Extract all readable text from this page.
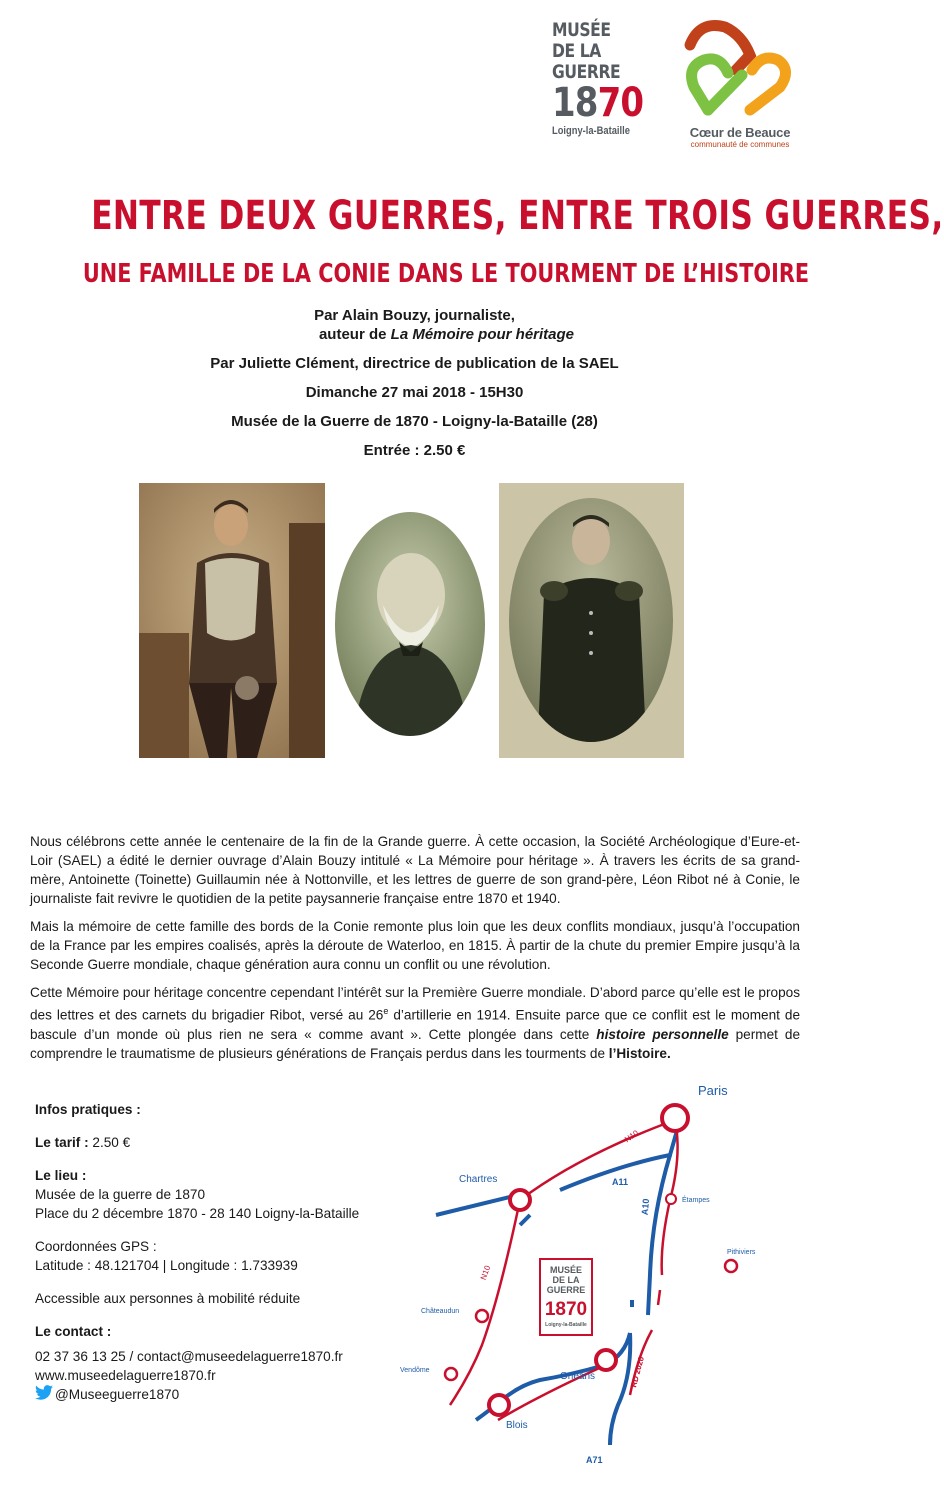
MUSÉE
DE LA
GUERRE
1870
Loigny-la-Bataille	Cœur de Beauce
communauté de communes
ENTRE DEUX GUERRES, ENTRE TROIS GUERRES,
UNE FAMILLE DE LA CONIE DANS LE TOURMENT DE L’HISTOIRE
Par Alain Bouzy, journaliste,
auteur de La Mémoire pour héritage
Par Juliette Clément, directrice de publication de la SAEL
Dimanche 27 mai 2018 - 15H30
Musée de la Guerre de 1870 - Loigny-la-Bataille (28)
Entrée : 2.50 €

Nous célébrons cette année le centenaire de la fin de la Grande guerre. À cette occasion, la Société Archéologique d’Eure-et-Loir (SAEL) a édité le dernier ouvrage d’Alain Bouzy intitulé « La Mémoire pour héritage ». À travers les écrits de sa grand-mère, Antoinette (Toinette) Guillaumin née à Nottonville, et les lettres de guerre de son grand-père, Léon Ribot né à Conie, le journaliste fait revivre le quotidien de la petite paysannerie française entre 1870 et 1940.

Mais la mémoire de cette famille des bords de la Conie remonte plus loin que les deux conflits mondiaux, jusqu’à l’occupation de la France par les empires coalisés, après la déroute de Waterloo, en 1815. À partir de la chute du premier Empire jusqu’à la Seconde Guerre mondiale, chaque génération aura connu un conflit ou une révolution.

Cette Mémoire pour héritage concentre cependant l’intérêt sur la Première Guerre mondiale. D’abord parce qu’elle est le propos des lettres et des carnets du brigadier Ribot, versé au 26e d’artillerie en 1914. Ensuite parce que ce conflit est le moment de bascule d’un monde où plus rien ne sera « comme avant ». Cette plongée dans cette histoire personnelle permet de comprendre le traumatisme de plusieurs générations de Français perdus dans les tourments de l’Histoire.

Infos pratiques :
Le tarif : 2.50 €
Le lieu :
Musée de la guerre de 1870
Place du 2 décembre 1870 - 28 140 Loigny-la-Bataille
Coordonnées GPS :
Latitude : 48.121704 | Longitude : 1.733939
Accessible aux personnes à mobilité réduite
Le contact :
02 37 36 13 25 / contact@museedelaguerre1870.fr
www.museedelaguerre1870.fr
@Museeguerre1870
MUSÉE
DE LA
GUERRE
1870
Loigny-la-Bataille
Paris
Chartres
Étampes
Pithiviers
Châteaudun
Vendôme
Orléans
Blois
N10
N10
A11
A10
A71
RD 2020
